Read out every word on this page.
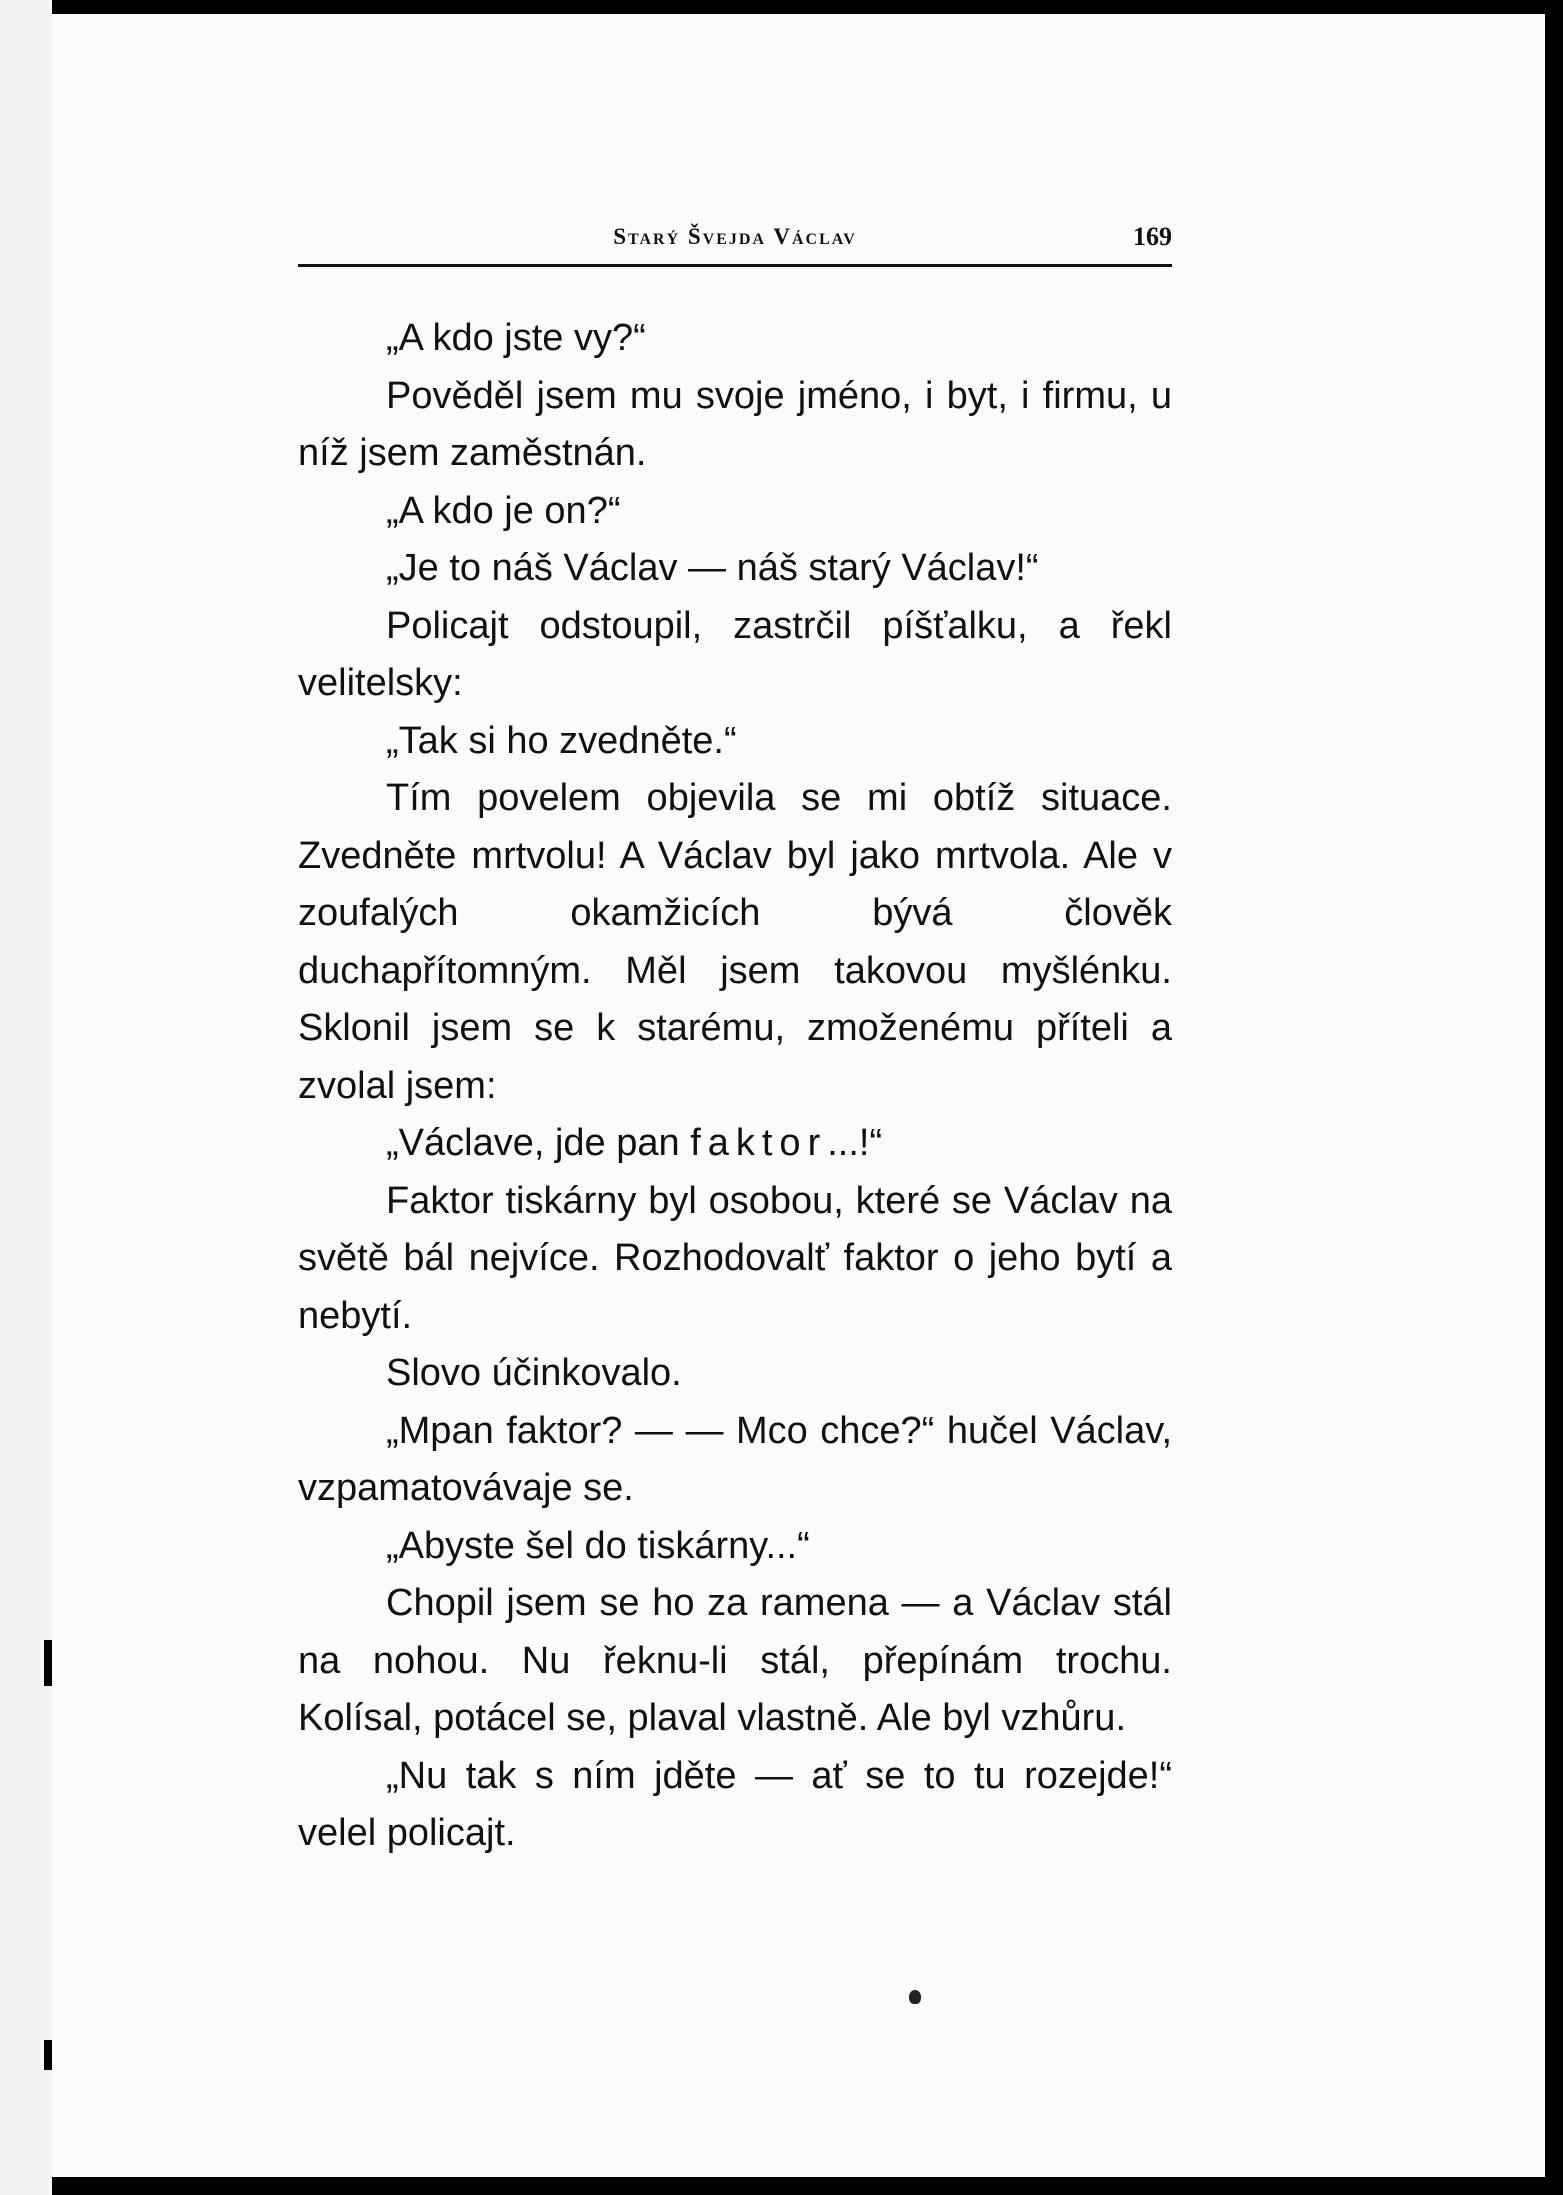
Starý Švejda Václav	169

„A kdo jste vy?“

Pověděl jsem mu svoje jméno, i byt, i firmu, u níž jsem zaměstnán.

„A kdo je on?“

„Je to náš Václav — náš starý Václav!“

Policajt odstoupil, zastrčil píšťalku, a řekl velitelsky:

„Tak si ho zvedněte.“

Tím povelem objevila se mi obtíž situace. Zvedněte mrtvolu! A Václav byl jako mrtvola. Ale v zoufalých okamžicích bývá člověk duchapřítomným. Měl jsem takovou myšlénku. Sklonil jsem se k starému, zmoženému příteli a zvolal jsem:

„Václave, jde pan faktor...!“

Faktor tiskárny byl osobou, které se Václav na světě bál nejvíce. Rozhodovalť faktor o jeho bytí a nebytí.

Slovo účinkovalo.

„Mpan faktor? — — Mco chce?“ hučel Václav, vzpamatovávaje se.

„Abyste šel do tiskárny...“

Chopil jsem se ho za ramena — a Václav stál na nohou. Nu řeknu-li stál, přepínám trochu. Kolísal, potácel se, plaval vlastně. Ale byl vzhůru.

„Nu tak s ním jděte — ať se to tu rozejde!“ velel policajt.
